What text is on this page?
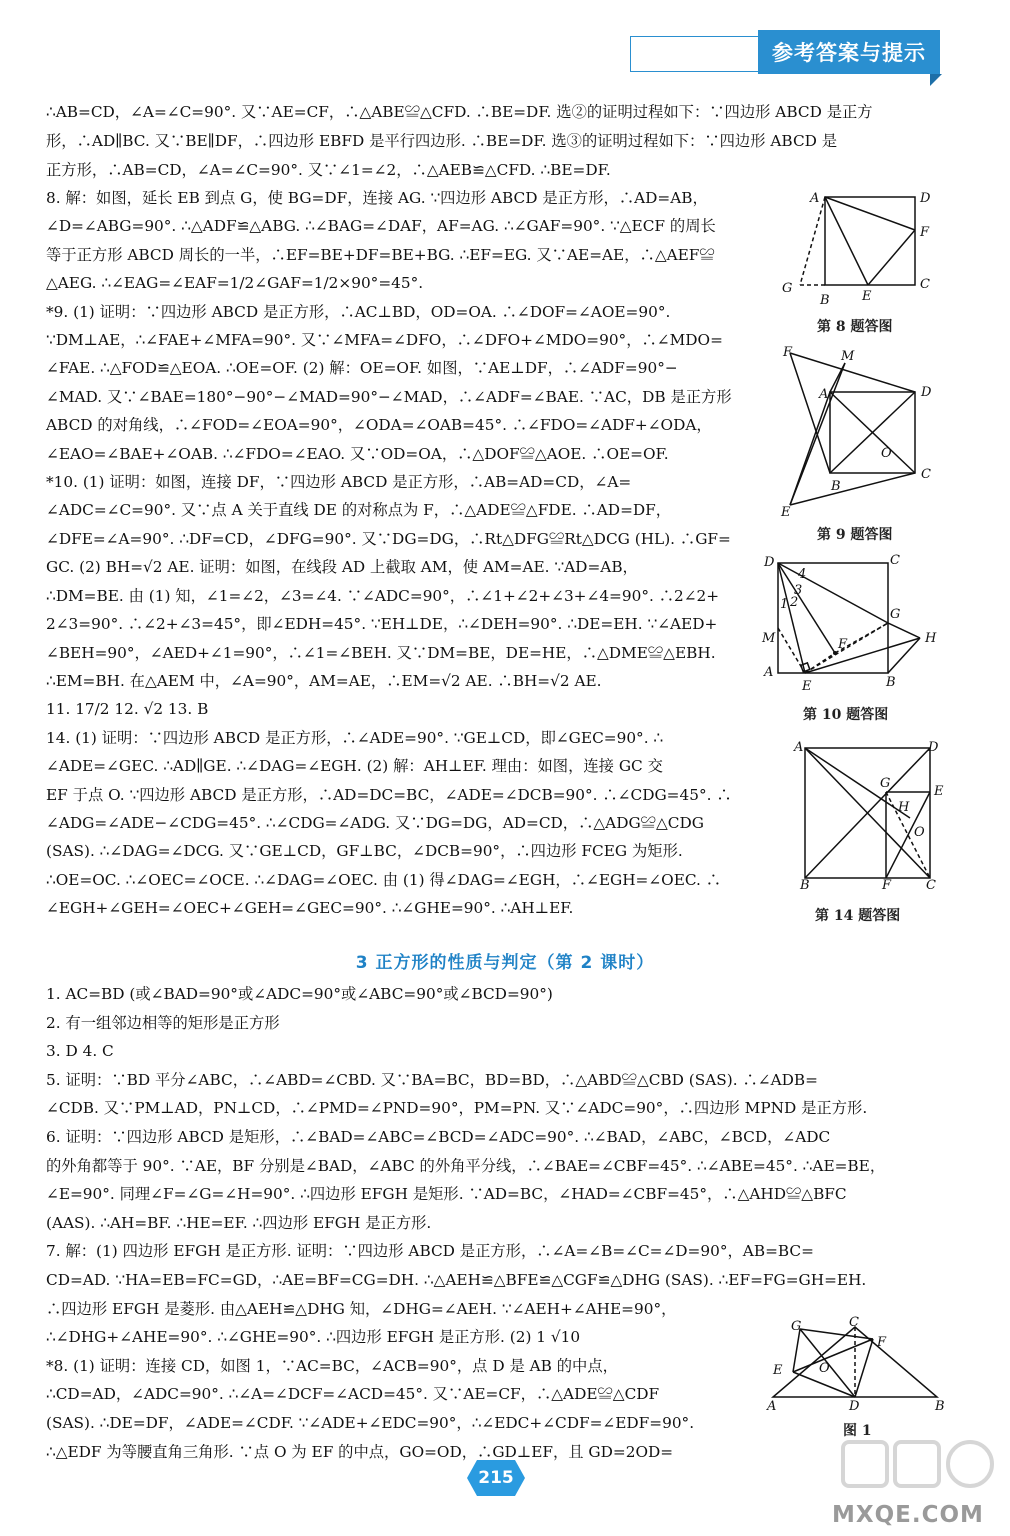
参考答案与提示

∴AB=CD，∠A=∠C=90°. 又∵AE=CF，∴△ABE≌△CFD. ∴BE=DF. 选②的证明过程如下：∵四边形 ABCD 是正方

形，∴AD∥BC. 又∵BE∥DF，∴四边形 EBFD 是平行四边形. ∴BE=DF. 选③的证明过程如下：∵四边形 ABCD 是

正方形，∴AB=CD，∠A=∠C=90°. 又∵∠1=∠2，∴△AEB≌△CFD. ∴BE=DF.

8. 解：如图，延长 EB 到点 G，使 BG=DF，连接 AG. ∵四边形 ABCD 是正方形，∴AD=AB，

∠D=∠ABG=90°. ∴△ADF≌△ABG. ∴∠BAG=∠DAF，AF=AG. ∴∠GAF=90°. ∵△ECF 的周长

等于正方形 ABCD 周长的一半，∴EF=BE+DF=BE+BG. ∴EF=EG. 又∵AE=AE，∴△AEF≌

△AEG. ∴∠EAG=∠EAF=1/2∠GAF=1/2×90°=45°.

*9. (1) 证明：∵四边形 ABCD 是正方形，∴AC⊥BD，OD=OA. ∴∠DOF=∠AOE=90°.

∵DM⊥AE，∴∠FAE+∠MFA=90°. 又∵∠MFA=∠DFO，∴∠DFO+∠MDO=90°，∴∠MDO=

∠FAE. ∴△FOD≌△EOA. ∴OE=OF. (2) 解：OE=OF. 如图，∵AE⊥DF，∴∠ADF=90°−

∠MAD. 又∵∠BAE=180°−90°−∠MAD=90°−∠MAD，∴∠ADF=∠BAE. ∵AC，DB 是正方形

ABCD 的对角线，∴∠FOD=∠EOA=90°，∠ODA=∠OAB=45°. ∴∠FDO=∠ADF+∠ODA，

∠EAO=∠BAE+∠OAB. ∴∠FDO=∠EAO. 又∵OD=OA，∴△DOF≌△AOE. ∴OE=OF.

*10. (1) 证明：如图，连接 DF，∵四边形 ABCD 是正方形，∴AB=AD=CD，∠A=

∠ADC=∠C=90°. 又∵点 A 关于直线 DE 的对称点为 F，∴△ADE≌△FDE. ∴AD=DF，

∠DFE=∠A=90°. ∴DF=CD，∠DFG=90°. 又∵DG=DG，∴Rt△DFG≌Rt△DCG (HL). ∴GF=

GC. (2) BH=√2 AE. 证明：如图，在线段 AD 上截取 AM，使 AM=AE. ∵AD=AB，

∴DM=BE. 由 (1) 知，∠1=∠2，∠3=∠4. ∵∠ADC=90°，∴∠1+∠2+∠3+∠4=90°. ∴2∠2+

2∠3=90°. ∴∠2+∠3=45°，即∠EDH=45°. ∵EH⊥DE，∴∠DEH=90°. ∴DE=EH. ∵∠AED+

∠BEH=90°，∠AED+∠1=90°，∴∠1=∠BEH. 又∵DM=BE，DE=HE，∴△DME≌△EBH.

∴EM=BH. 在△AEM 中，∠A=90°，AM=AE，∴EM=√2 AE. ∴BH=√2 AE.

11. 17/2 12. √2 13. B

14. (1) 证明：∵四边形 ABCD 是正方形，∴∠ADE=90°. ∵GE⊥CD，即∠GEC=90°. ∴

∠ADE=∠GEC. ∴AD∥GE. ∴∠DAG=∠EGH. (2) 解：AH⊥EF. 理由：如图，连接 GC 交

EF 于点 O. ∵四边形 ABCD 是正方形，∴AD=DC=BC，∠ADE=∠DCB=90°. ∴∠CDG=45°. ∴

∠ADG=∠ADE−∠CDG=45°. ∴∠CDG=∠ADG. 又∵DG=DG，AD=CD，∴△ADG≌△CDG

(SAS). ∴∠DAG=∠DCG. 又∵GE⊥CD，GF⊥BC，∠DCB=90°，∴四边形 FCEG 为矩形.

∴OE=OC. ∴∠OEC=∠OCE. ∴∠DAG=∠OEC. 由 (1) 得∠DAG=∠EGH，∴∠EGH=∠OEC. ∴

∠EGH+∠GEH=∠OEC+∠GEH=∠GEC=90°. ∴∠GHE=90°. ∴AH⊥EF.

3 正方形的性质与判定（第 2 课时）

1. AC=BD (或∠BAD=90°或∠ADC=90°或∠ABC=90°或∠BCD=90°)

2. 有一组邻边相等的矩形是正方形

3. D 4. C

5. 证明：∵BD 平分∠ABC，∴∠ABD=∠CBD. 又∵BA=BC，BD=BD，∴△ABD≌△CBD (SAS). ∴∠ADB=

∠CDB. 又∵PM⊥AD，PN⊥CD，∴∠PMD=∠PND=90°，PM=PN. 又∵∠ADC=90°，∴四边形 MPND 是正方形.

6. 证明：∵四边形 ABCD 是矩形，∴∠BAD=∠ABC=∠BCD=∠ADC=90°. ∴∠BAD，∠ABC，∠BCD，∠ADC

的外角都等于 90°. ∵AE，BF 分别是∠BAD，∠ABC 的外角平分线，∴∠BAE=∠CBF=45°. ∴∠ABE=45°. ∴AE=BE，

∠E=90°. 同理∠F=∠G=∠H=90°. ∴四边形 EFGH 是矩形. ∵AD=BC，∠HAD=∠CBF=45°，∴△AHD≌△BFC

(AAS). ∴AH=BF. ∴HE=EF. ∴四边形 EFGH 是正方形.

7. 解：(1) 四边形 EFGH 是正方形. 证明：∵四边形 ABCD 是正方形，∴∠A=∠B=∠C=∠D=90°，AB=BC=

CD=AD. ∵HA=EB=FC=GD，∴AE=BF=CG=DH. ∴△AEH≌△BFE≌△CGF≌△DHG (SAS). ∴EF=FG=GH=EH.

∴四边形 EFGH 是菱形. 由△AEH≌△DHG 知，∠DHG=∠AEH. ∵∠AEH+∠AHE=90°，

∴∠DHG+∠AHE=90°. ∴∠GHE=90°. ∴四边形 EFGH 是正方形. (2) 1 √10

*8. (1) 证明：连接 CD，如图 1，∵AC=BC，∠ACB=90°，点 D 是 AB 的中点，

∴CD=AD，∠ADC=90°. ∴∠A=∠DCF=∠ACD=45°. 又∵AE=CF，∴△ADE≌△CDF

(SAS). ∴DE=DF，∠ADE=∠CDF. ∵∠ADE+∠EDC=90°，∴∠EDC+∠CDF=∠EDF=90°.

∴△EDF 为等腰直角三角形. ∵点 O 为 EF 的中点，GO=OD，∴GD⊥EF，且 GD=2OD=

A	D
F
G
B E
C
第 8 题答图
F	M
A	D
O
B
C
E
第 9 题答图
D	C
4
3
1 2
G
M	F	H
A
E	B
第 10 题答图
A	D
G
E
H
O
B	F	C
第 14 题答图
G	C
F
E	O
A	D	B
图 1
215
MXQE.COM
